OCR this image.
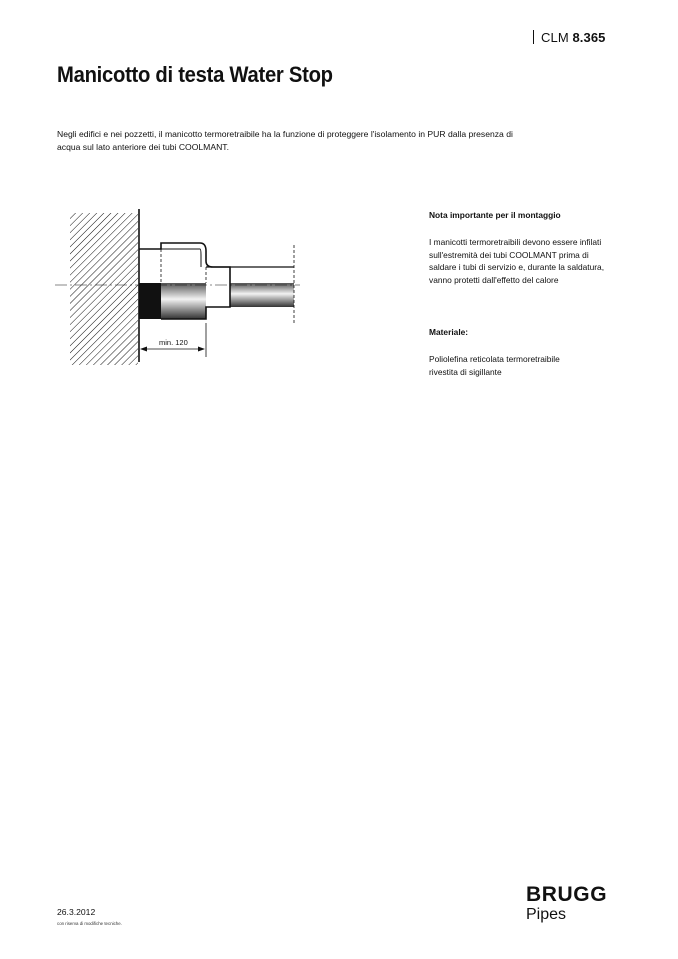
CLM 8.365
Manicotto di testa Water Stop

Negli edifici e nei pozzetti, il manicotto termoretraibile ha la funzione di proteggere l'isolamento in PUR dalla presenza di
acqua sul lato anteriore dei tubi COOLMANT.

min. 120

Nota importante per il montaggio

I manicotti termoretraibili devono essere infilati
sull'estremità dei tubi COOLMANT prima di
saldare i tubi di servizio e, durante la saldatura,
vanno protetti dall'effetto del calore

Materiale:

Poliolefina reticolata termoretraibile
rivestita di sigillante

26.3.2012
con riserva di modifiche tecniche.
BRUGG
Pipes
